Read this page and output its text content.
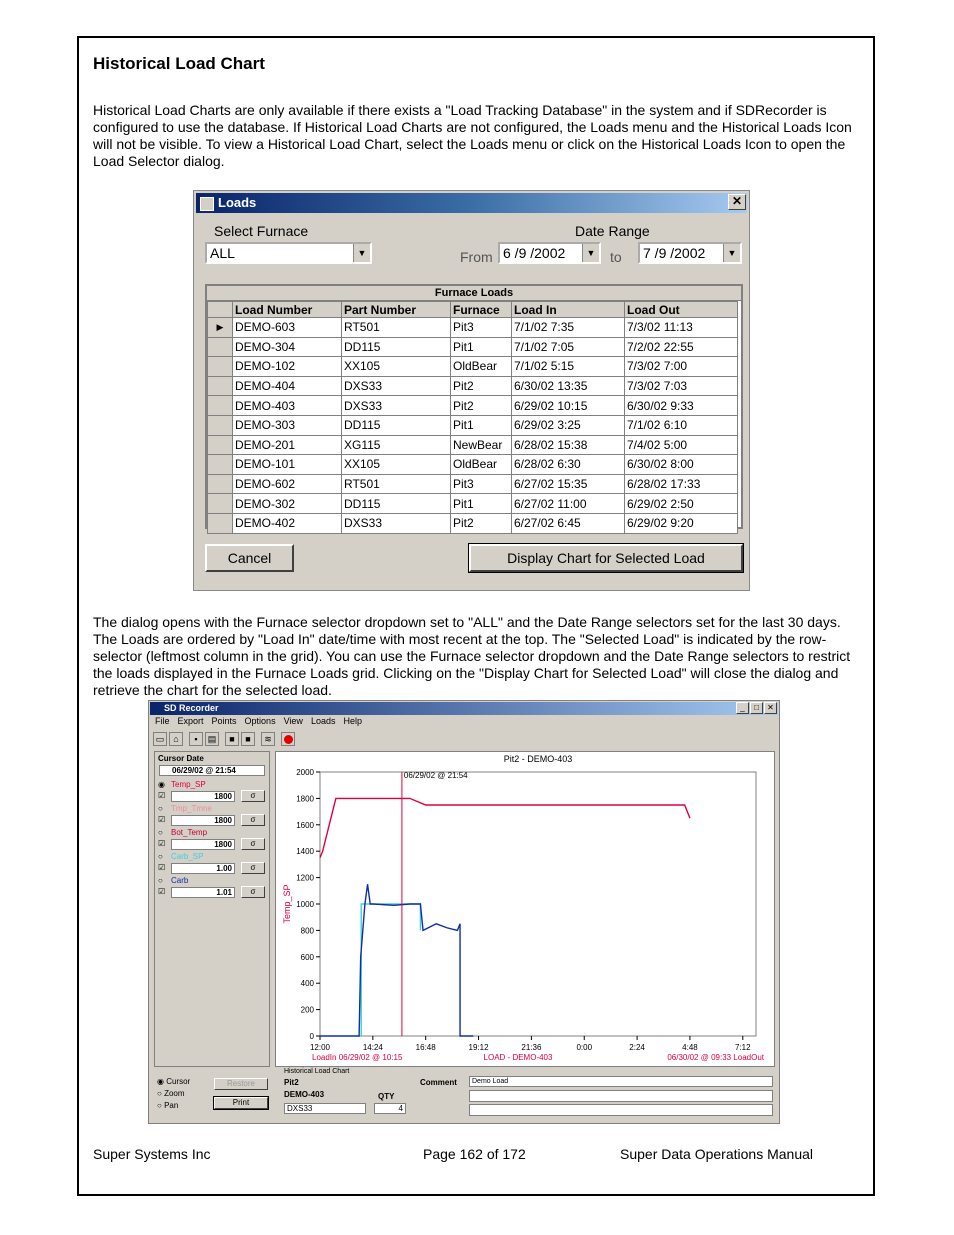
Historical Load Chart
Historical Load Charts are only available if there exists a "Load Tracking Database" in the system and if SDRecorder is configured to use the database. If Historical Load Charts are not configured, the Loads menu and the Historical Loads Icon will not be visible. To view a Historical Load Chart, select the Loads menu or click on the Historical Loads Icon to open the Load Selector dialog.
Loads	✕
Select Furnace
ALL	▼
Date Range
From 6 /9 /2002	▼ to	7 /9 /2002	▼
Furnace Loads
	Load Number	Part Number	Furnace	Load In	Load Out
▶	DEMO-603	RT501	Pit3	7/1/02 7:35	7/3/02 11:13
	DEMO-304	DD115	Pit1	7/1/02 7:05	7/2/02 22:55
	DEMO-102	XX105	OldBear	7/1/02 5:15	7/3/02 7:00
	DEMO-404	DXS33	Pit2	6/30/02 13:35	7/3/02 7:03
	DEMO-403	DXS33	Pit2	6/29/02 10:15	6/30/02 9:33
	DEMO-303	DD115	Pit1	6/29/02 3:25	7/1/02 6:10
	DEMO-201	XG115	NewBear	6/28/02 15:38	7/4/02 5:00
	DEMO-101	XX105	OldBear	6/28/02 6:30	6/30/02 8:00
	DEMO-602	RT501	Pit3	6/27/02 15:35	6/28/02 17:33
	DEMO-302	DD115	Pit1	6/27/02 11:00	6/29/02 2:50
	DEMO-402	DXS33	Pit2	6/27/02 6:45	6/29/02 9:20
Cancel	Display Chart for Selected Load
The dialog opens with the Furnace selector dropdown set to "ALL" and the Date Range selectors set for the last 30 days. The Loads are ordered by "Load In" date/time with most recent at the top. The "Selected Load" is indicated by the row-selector (leftmost column in the grid). You can use the Furnace selector dropdown and the Date Range selectors to restrict the loads displayed in the Furnace Loads grid. Clicking on the "Display Chart for Selected Load" will close the dialog and retrieve the chart for the selected load.
SD Recorder	_	□	✕
File Export Points Options View Loads Help
▭	⌂	▪	▤	■	■	≋
Cursor Date
06/29/02 @ 21:54
◉ Temp_SP
☑	1800	σ
○ Tmp_Tmne
☑	1800	σ
○ Bot_Temp
☑	1800	σ
○ Carb_SP
☑	1.00	σ
○ Carb
☑	1.01	σ
Pit2 - DEMO-403
0
200
400
600
800
1000
1200
1400
1600
1800
2000
12:00	14:24	16:48	19:12	21:36	0:00	2:24	4:48	7:12
Temp_SP
06/29/02 @ 21:54
LoadIn 06/29/02 @ 10:15	LOAD - DEMO-403	06/30/02 @ 09:33 LoadOut
◉ Cursor
○ Zoom
○ Pan
Restore
Print
Historical Load Chart
Pit2
DEMO-403
DXS33
QTY
4
Comment	Demo Load
Super Systems Inc	Page 162 of 172	Super Data Operations Manual
